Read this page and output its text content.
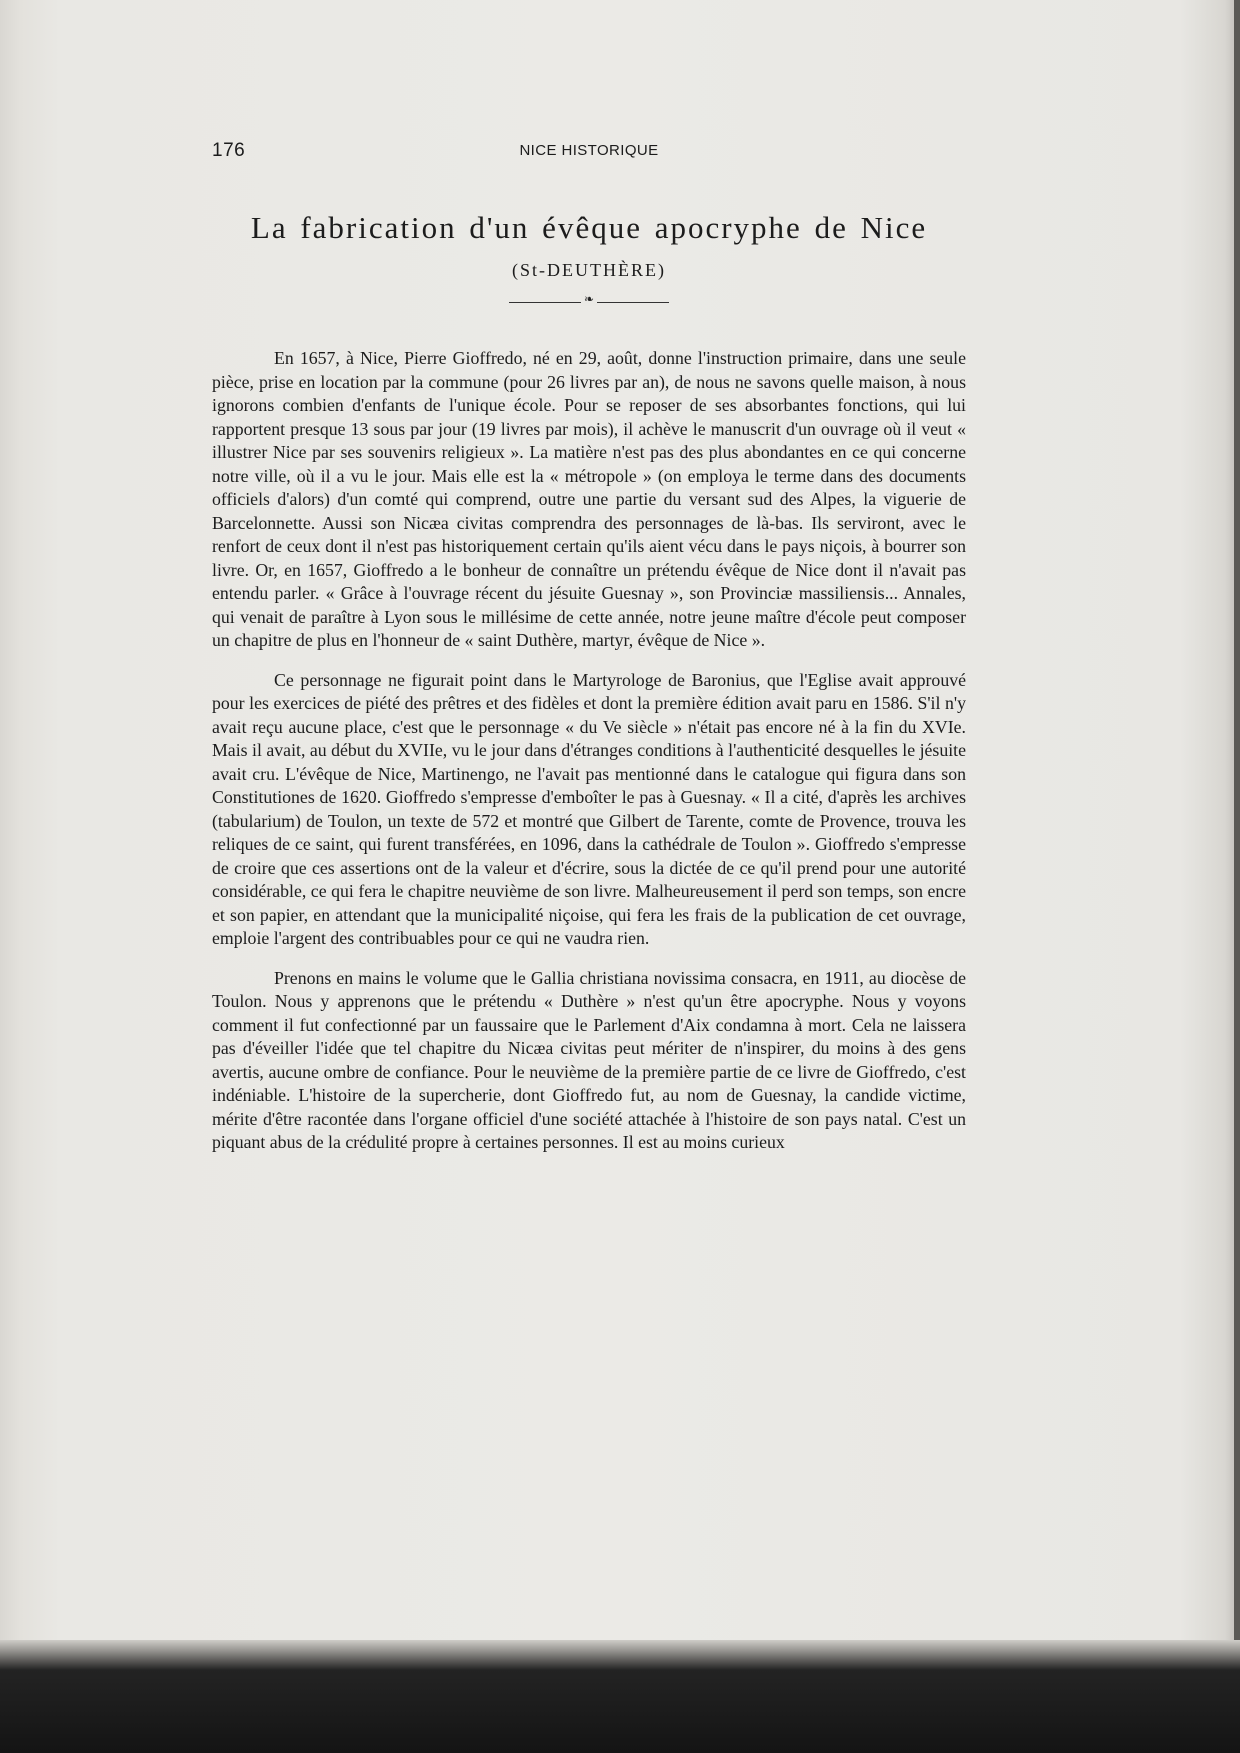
176	NICE HISTORIQUE
La fabrication d'un évêque apocryphe de Nice
(St-DEUTHÈRE)
❧

En 1657, à Nice, Pierre Gioffredo, né en 29, août, donne l'instruction primaire, dans une seule pièce, prise en location par la commune (pour 26 livres par an), de nous ne savons quelle maison, à nous ignorons combien d'enfants de l'unique école. Pour se reposer de ses absorbantes fonctions, qui lui rapportent presque 13 sous par jour (19 livres par mois), il achève le manuscrit d'un ouvrage où il veut « illustrer Nice par ses souvenirs religieux ». La matière n'est pas des plus abondantes en ce qui concerne notre ville, où il a vu le jour. Mais elle est la « métropole » (on employa le terme dans des documents officiels d'alors) d'un comté qui comprend, outre une partie du versant sud des Alpes, la viguerie de Barcelonnette. Aussi son Nicæa civitas comprendra des personnages de là-bas. Ils serviront, avec le renfort de ceux dont il n'est pas historiquement certain qu'ils aient vécu dans le pays niçois, à bourrer son livre. Or, en 1657, Gioffredo a le bonheur de connaître un prétendu évêque de Nice dont il n'avait pas entendu parler. « Grâce à l'ouvrage récent du jésuite Guesnay », son Provinciæ massiliensis... Annales, qui venait de paraître à Lyon sous le millésime de cette année, notre jeune maître d'école peut composer un chapitre de plus en l'honneur de « saint Duthère, martyr, évêque de Nice ».

Ce personnage ne figurait point dans le Martyrologe de Baronius, que l'Eglise avait approuvé pour les exercices de piété des prêtres et des fidèles et dont la première édition avait paru en 1586. S'il n'y avait reçu aucune place, c'est que le personnage « du Ve siècle » n'était pas encore né à la fin du XVIe. Mais il avait, au début du XVIIe, vu le jour dans d'étranges conditions à l'authenticité desquelles le jésuite avait cru. L'évêque de Nice, Martinengo, ne l'avait pas mentionné dans le catalogue qui figura dans son Constitutiones de 1620. Gioffredo s'empresse d'emboîter le pas à Guesnay. « Il a cité, d'après les archives (tabularium) de Toulon, un texte de 572 et montré que Gilbert de Tarente, comte de Provence, trouva les reliques de ce saint, qui furent transférées, en 1096, dans la cathédrale de Toulon ». Gioffredo s'empresse de croire que ces assertions ont de la valeur et d'écrire, sous la dictée de ce qu'il prend pour une autorité considérable, ce qui fera le chapitre neuvième de son livre. Malheureusement il perd son temps, son encre et son papier, en attendant que la municipalité niçoise, qui fera les frais de la publication de cet ouvrage, emploie l'argent des contribuables pour ce qui ne vaudra rien.

Prenons en mains le volume que le Gallia christiana novissima consacra, en 1911, au diocèse de Toulon. Nous y apprenons que le prétendu « Duthère » n'est qu'un être apocryphe. Nous y voyons comment il fut confectionné par un faussaire que le Parlement d'Aix condamna à mort. Cela ne laissera pas d'éveiller l'idée que tel chapitre du Nicæa civitas peut mériter de n'inspirer, du moins à des gens avertis, aucune ombre de confiance. Pour le neuvième de la première partie de ce livre de Gioffredo, c'est indéniable. L'histoire de la supercherie, dont Gioffredo fut, au nom de Guesnay, la candide victime, mérite d'être racontée dans l'organe officiel d'une société attachée à l'histoire de son pays natal. C'est un piquant abus de la crédulité propre à certaines personnes. Il est au moins curieux
